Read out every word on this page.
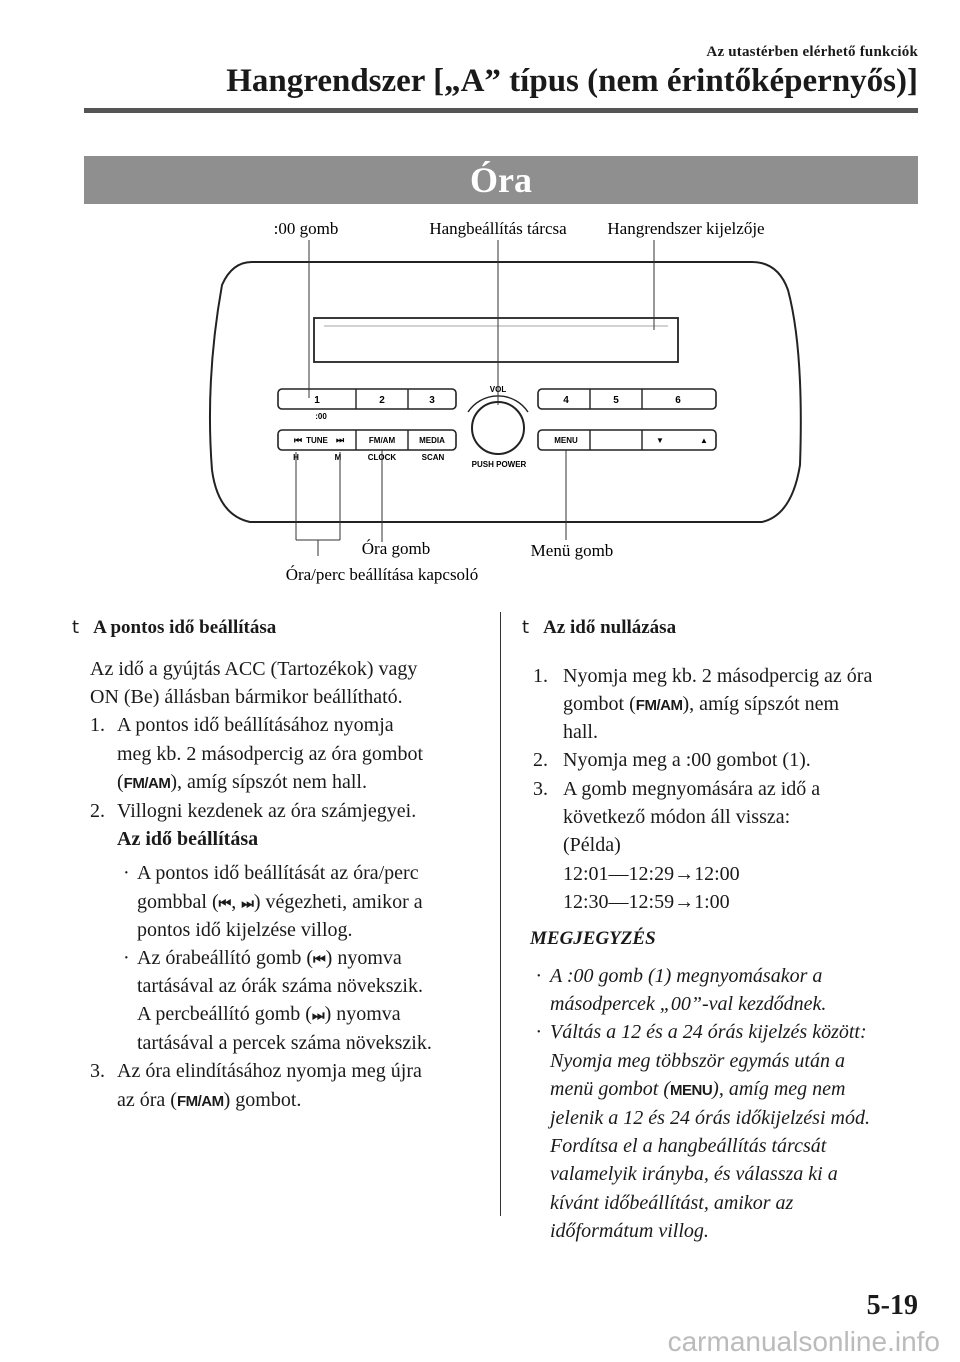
Az utastérben elérhető funkciók
Hangrendszer [„A” típus (nem érintőképernyős)]
Óra
:00 gomb	Hangbeállítás tárcsa Hangrendszer kijelzője
1	2	3
:00
4	5	6
VOL
PUSH POWER
⏮ TUNE ⏭	FM/AM	MEDIA
H	M	CLOCK	SCAN
MENU	▼	▲
Óra gomb	Menü gomb
Óra/perc beállítása kapcsoló
t A pontos idő beállítása
Az idő a gyújtás ACC (Tartozékok) vagy
ON (Be) állásban bármikor beállítható.
1. A pontos idő beállításához nyomja
meg kb. 2 másodpercig az óra gombot
(FM/AM), amíg sípszót nem hall.
2. Villogni kezdenek az óra számjegyei.
Az idő beállítása
· A pontos idő beállítását az óra/perc
gombbal (⏮, ⏭) végezheti, amikor a
pontos idő kijelzése villog.
· Az órabeállító gomb (⏮) nyomva
tartásával az órák száma növekszik.
A percbeállító gomb (⏭) nyomva
tartásával a percek száma növekszik.
3. Az óra elindításához nyomja meg újra
az óra (FM/AM) gombot.
t Az idő nullázása
1. Nyomja meg kb. 2 másodpercig az óra
gombot (FM/AM), amíg sípszót nem
hall.
2. Nyomja meg a :00 gombot (1).
3. A gomb megnyomására az idő a
következő módon áll vissza:
(Példa)
12:01―12:29→12:00
12:30―12:59→1:00
MEGJEGYZÉS
· A :00 gomb (1) megnyomásakor a
másodpercek „00”-val kezdődnek.
· Váltás a 12 és a 24 órás kijelzés között:
Nyomja meg többször egymás után a
menü gombot (MENU), amíg meg nem
jelenik a 12 és 24 órás időkijelzési mód.
Fordítsa el a hangbeállítás tárcsát
valamelyik irányba, és válassza ki a
kívánt időbeállítást, amikor az
időformátum villog.
5-19
carmanualsonline.info
